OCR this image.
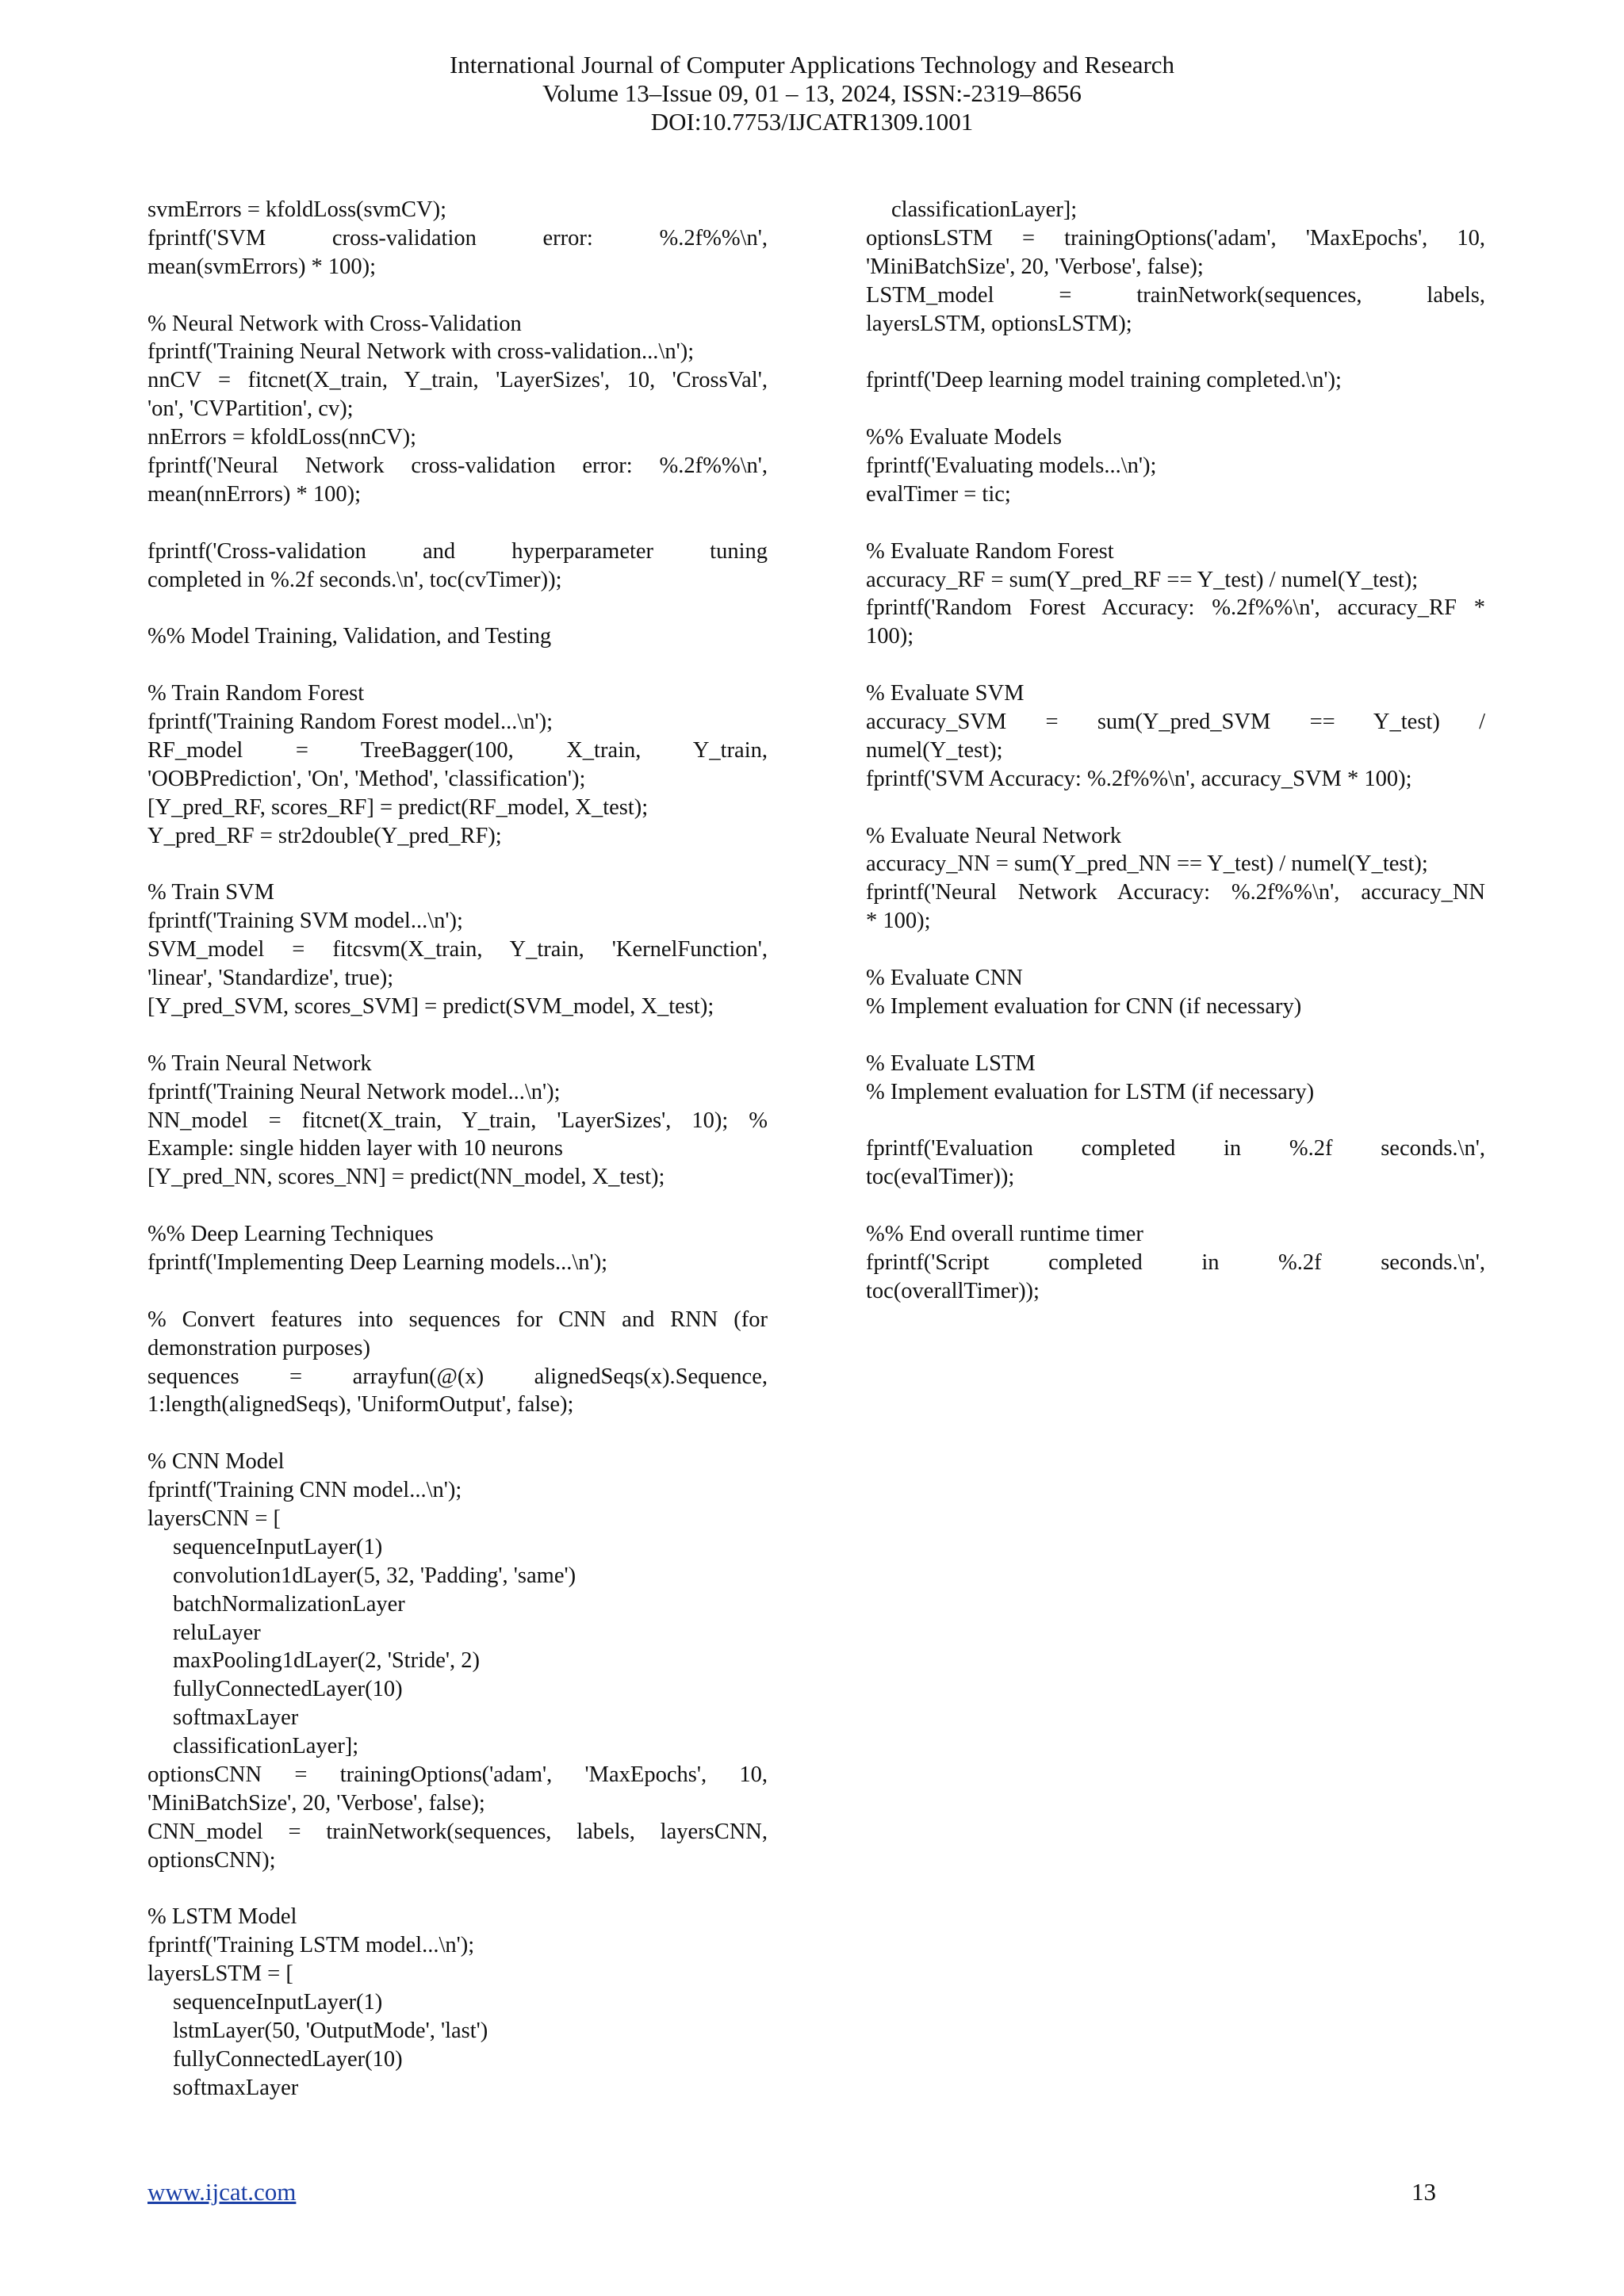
International Journal of Computer Applications Technology and Research
Volume 13–Issue 09, 01 – 13, 2024, ISSN:-2319–8656
DOI:10.7753/IJCATR1309.1001
svmErrors = kfoldLoss(svmCV);
fprintf('SVM cross-validation error: %.2f%%\n',
mean(svmErrors) * 100);
% Neural Network with Cross-Validation
fprintf('Training Neural Network with cross-validation...\n');
nnCV = fitcnet(X_train, Y_train, 'LayerSizes', 10, 'CrossVal',
'on', 'CVPartition', cv);
nnErrors = kfoldLoss(nnCV);
fprintf('Neural Network cross-validation error: %.2f%%\n',
mean(nnErrors) * 100);
fprintf('Cross-validation and hyperparameter tuning
completed in %.2f seconds.\n', toc(cvTimer));
%% Model Training, Validation, and Testing
% Train Random Forest
fprintf('Training Random Forest model...\n');
RF_model = TreeBagger(100, X_train, Y_train,
'OOBPrediction', 'On', 'Method', 'classification');
[Y_pred_RF, scores_RF] = predict(RF_model, X_test);
Y_pred_RF = str2double(Y_pred_RF);
% Train SVM
fprintf('Training SVM model...\n');
SVM_model = fitcsvm(X_train, Y_train, 'KernelFunction',
'linear', 'Standardize', true);
[Y_pred_SVM, scores_SVM] = predict(SVM_model, X_test);
% Train Neural Network
fprintf('Training Neural Network model...\n');
NN_model = fitcnet(X_train, Y_train, 'LayerSizes', 10); %
Example: single hidden layer with 10 neurons
[Y_pred_NN, scores_NN] = predict(NN_model, X_test);
%% Deep Learning Techniques
fprintf('Implementing Deep Learning models...\n');
% Convert features into sequences for CNN and RNN (for
demonstration purposes)
sequences = arrayfun(@(x) alignedSeqs(x).Sequence,
1:length(alignedSeqs), 'UniformOutput', false);
% CNN Model
fprintf('Training CNN model...\n');
layersCNN = [
sequenceInputLayer(1)
convolution1dLayer(5, 32, 'Padding', 'same')
batchNormalizationLayer
reluLayer
maxPooling1dLayer(2, 'Stride', 2)
fullyConnectedLayer(10)
softmaxLayer
classificationLayer];
optionsCNN = trainingOptions('adam', 'MaxEpochs', 10,
'MiniBatchSize', 20, 'Verbose', false);
CNN_model = trainNetwork(sequences, labels, layersCNN,
optionsCNN);
% LSTM Model
fprintf('Training LSTM model...\n');
layersLSTM = [
sequenceInputLayer(1)
lstmLayer(50, 'OutputMode', 'last')
fullyConnectedLayer(10)
softmaxLayer
classificationLayer];
optionsLSTM = trainingOptions('adam', 'MaxEpochs', 10,
'MiniBatchSize', 20, 'Verbose', false);
LSTM_model = trainNetwork(sequences, labels,
layersLSTM, optionsLSTM);
fprintf('Deep learning model training completed.\n');
%% Evaluate Models
fprintf('Evaluating models...\n');
evalTimer = tic;
% Evaluate Random Forest
accuracy_RF = sum(Y_pred_RF == Y_test) / numel(Y_test);
fprintf('Random Forest Accuracy: %.2f%%\n', accuracy_RF *
100);
% Evaluate SVM
accuracy_SVM = sum(Y_pred_SVM == Y_test) /
numel(Y_test);
fprintf('SVM Accuracy: %.2f%%\n', accuracy_SVM * 100);
% Evaluate Neural Network
accuracy_NN = sum(Y_pred_NN == Y_test) / numel(Y_test);
fprintf('Neural Network Accuracy: %.2f%%\n', accuracy_NN
* 100);
% Evaluate CNN
% Implement evaluation for CNN (if necessary)
% Evaluate LSTM
% Implement evaluation for LSTM (if necessary)
fprintf('Evaluation completed in %.2f seconds.\n',
toc(evalTimer));
%% End overall runtime timer
fprintf('Script completed in %.2f seconds.\n',
toc(overallTimer));
www.ijcat.com	13
